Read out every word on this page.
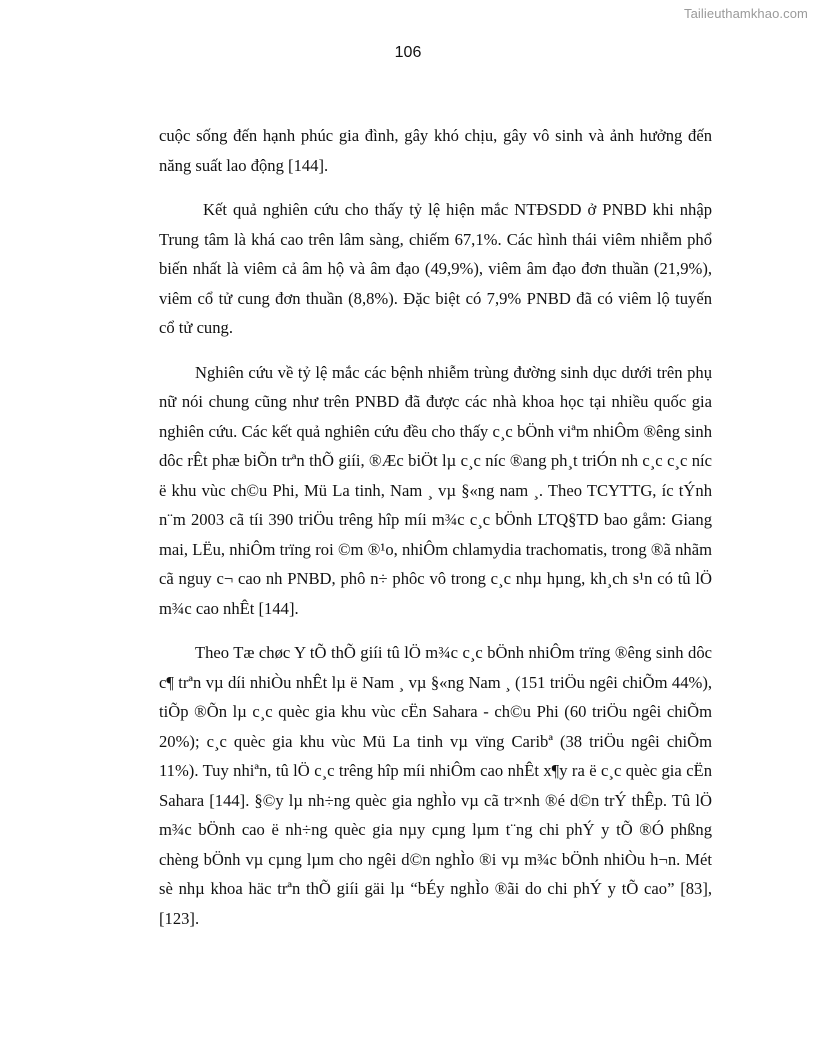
Tailieuthamkhao.com
106

cuộc sống đến hạnh phúc gia đình, gây khó chịu, gây vô sinh và ảnh hưởng đến năng suất lao động [144].

Kết quả nghiên cứu cho thấy tỷ lệ hiện mắc NTĐSDD ở PNBD khi nhập Trung tâm là khá cao trên lâm sàng, chiếm 67,1%. Các hình thái viêm nhiễm phổ biến nhất là viêm cả âm hộ và âm đạo (49,9%), viêm âm đạo đơn thuần (21,9%), viêm cổ tử cung đơn thuần (8,8%). Đặc biệt có 7,9% PNBD đã có viêm lộ tuyến cổ tử cung.

Nghiên cứu về tỷ lệ mắc các bệnh nhiễm trùng đường sinh dục dưới trên phụ nữ nói chung cũng như trên PNBD đã được các nhà khoa học tại nhiều quốc gia nghiên cứu. Các kết quả nghiên cứu đều cho thấy c¸c bÖnh viªm nhiÔm ®êng sinh dôc rÊt phæ biÕn trªn thÕ giíi, ®Æc biÖt lµ c¸c níc ®ang ph¸t triÓn nh c¸c c¸c níc ë khu vùc ch©u Phi, Mü La tinh, Nam ¸ vµ §«ng nam ¸. Theo TCYTTG, íc tÝnh n¨m 2003 cã tíi 390 triÖu trêng hîp míi m¾c c¸c bÖnh LTQ§TD bao gåm: Giang mai, LËu, nhiÔm trïng roi ©m ®¹o, nhiÔm chlamydia trachomatis, trong ®ã nhãm cã nguy c¬ cao nh PNBD, phô n÷ phôc vô trong c¸c nhµ hµng, kh¸ch s¹n có tû lÖ m¾c cao nhÊt [144].

Theo Tæ chøc Y tÕ thÕ giíi tû lÖ m¾c c¸c bÖnh nhiÔm trïng ®êng sinh dôc c¶ trªn vµ díi nhiÒu nhÊt lµ ë Nam ¸ vµ §«ng Nam ¸ (151 triÖu ngêi chiÕm 44%), tiÕp ®Õn lµ c¸c quèc gia khu vùc cËn Sahara - ch©u Phi (60 triÖu ngêi chiÕm 20%); c¸c quèc gia khu vùc Mü La tinh vµ vïng Caribª (38 triÖu ngêi chiÕm 11%). Tuy nhiªn, tû lÖ c¸c trêng hîp míi nhiÔm cao nhÊt x¶y ra ë c¸c quèc gia cËn Sahara [144]. §©y lµ nh÷ng quèc gia nghÌo vµ cã tr×nh ®é d©n trÝ thÊp. Tû lÖ m¾c bÖnh cao ë nh÷ng quèc gia nµy cµng lµm t¨ng chi phÝ y tÕ ®Ó phßng chèng bÖnh vµ cµng lµm cho ngêi d©n nghÌo ®i vµ m¾c bÖnh nhiÒu h¬n. Mét sè nhµ khoa häc trªn thÕ giíi gäi lµ “bÉy nghÌo ®ãi do chi phÝ y tÕ cao” [83], [123].
